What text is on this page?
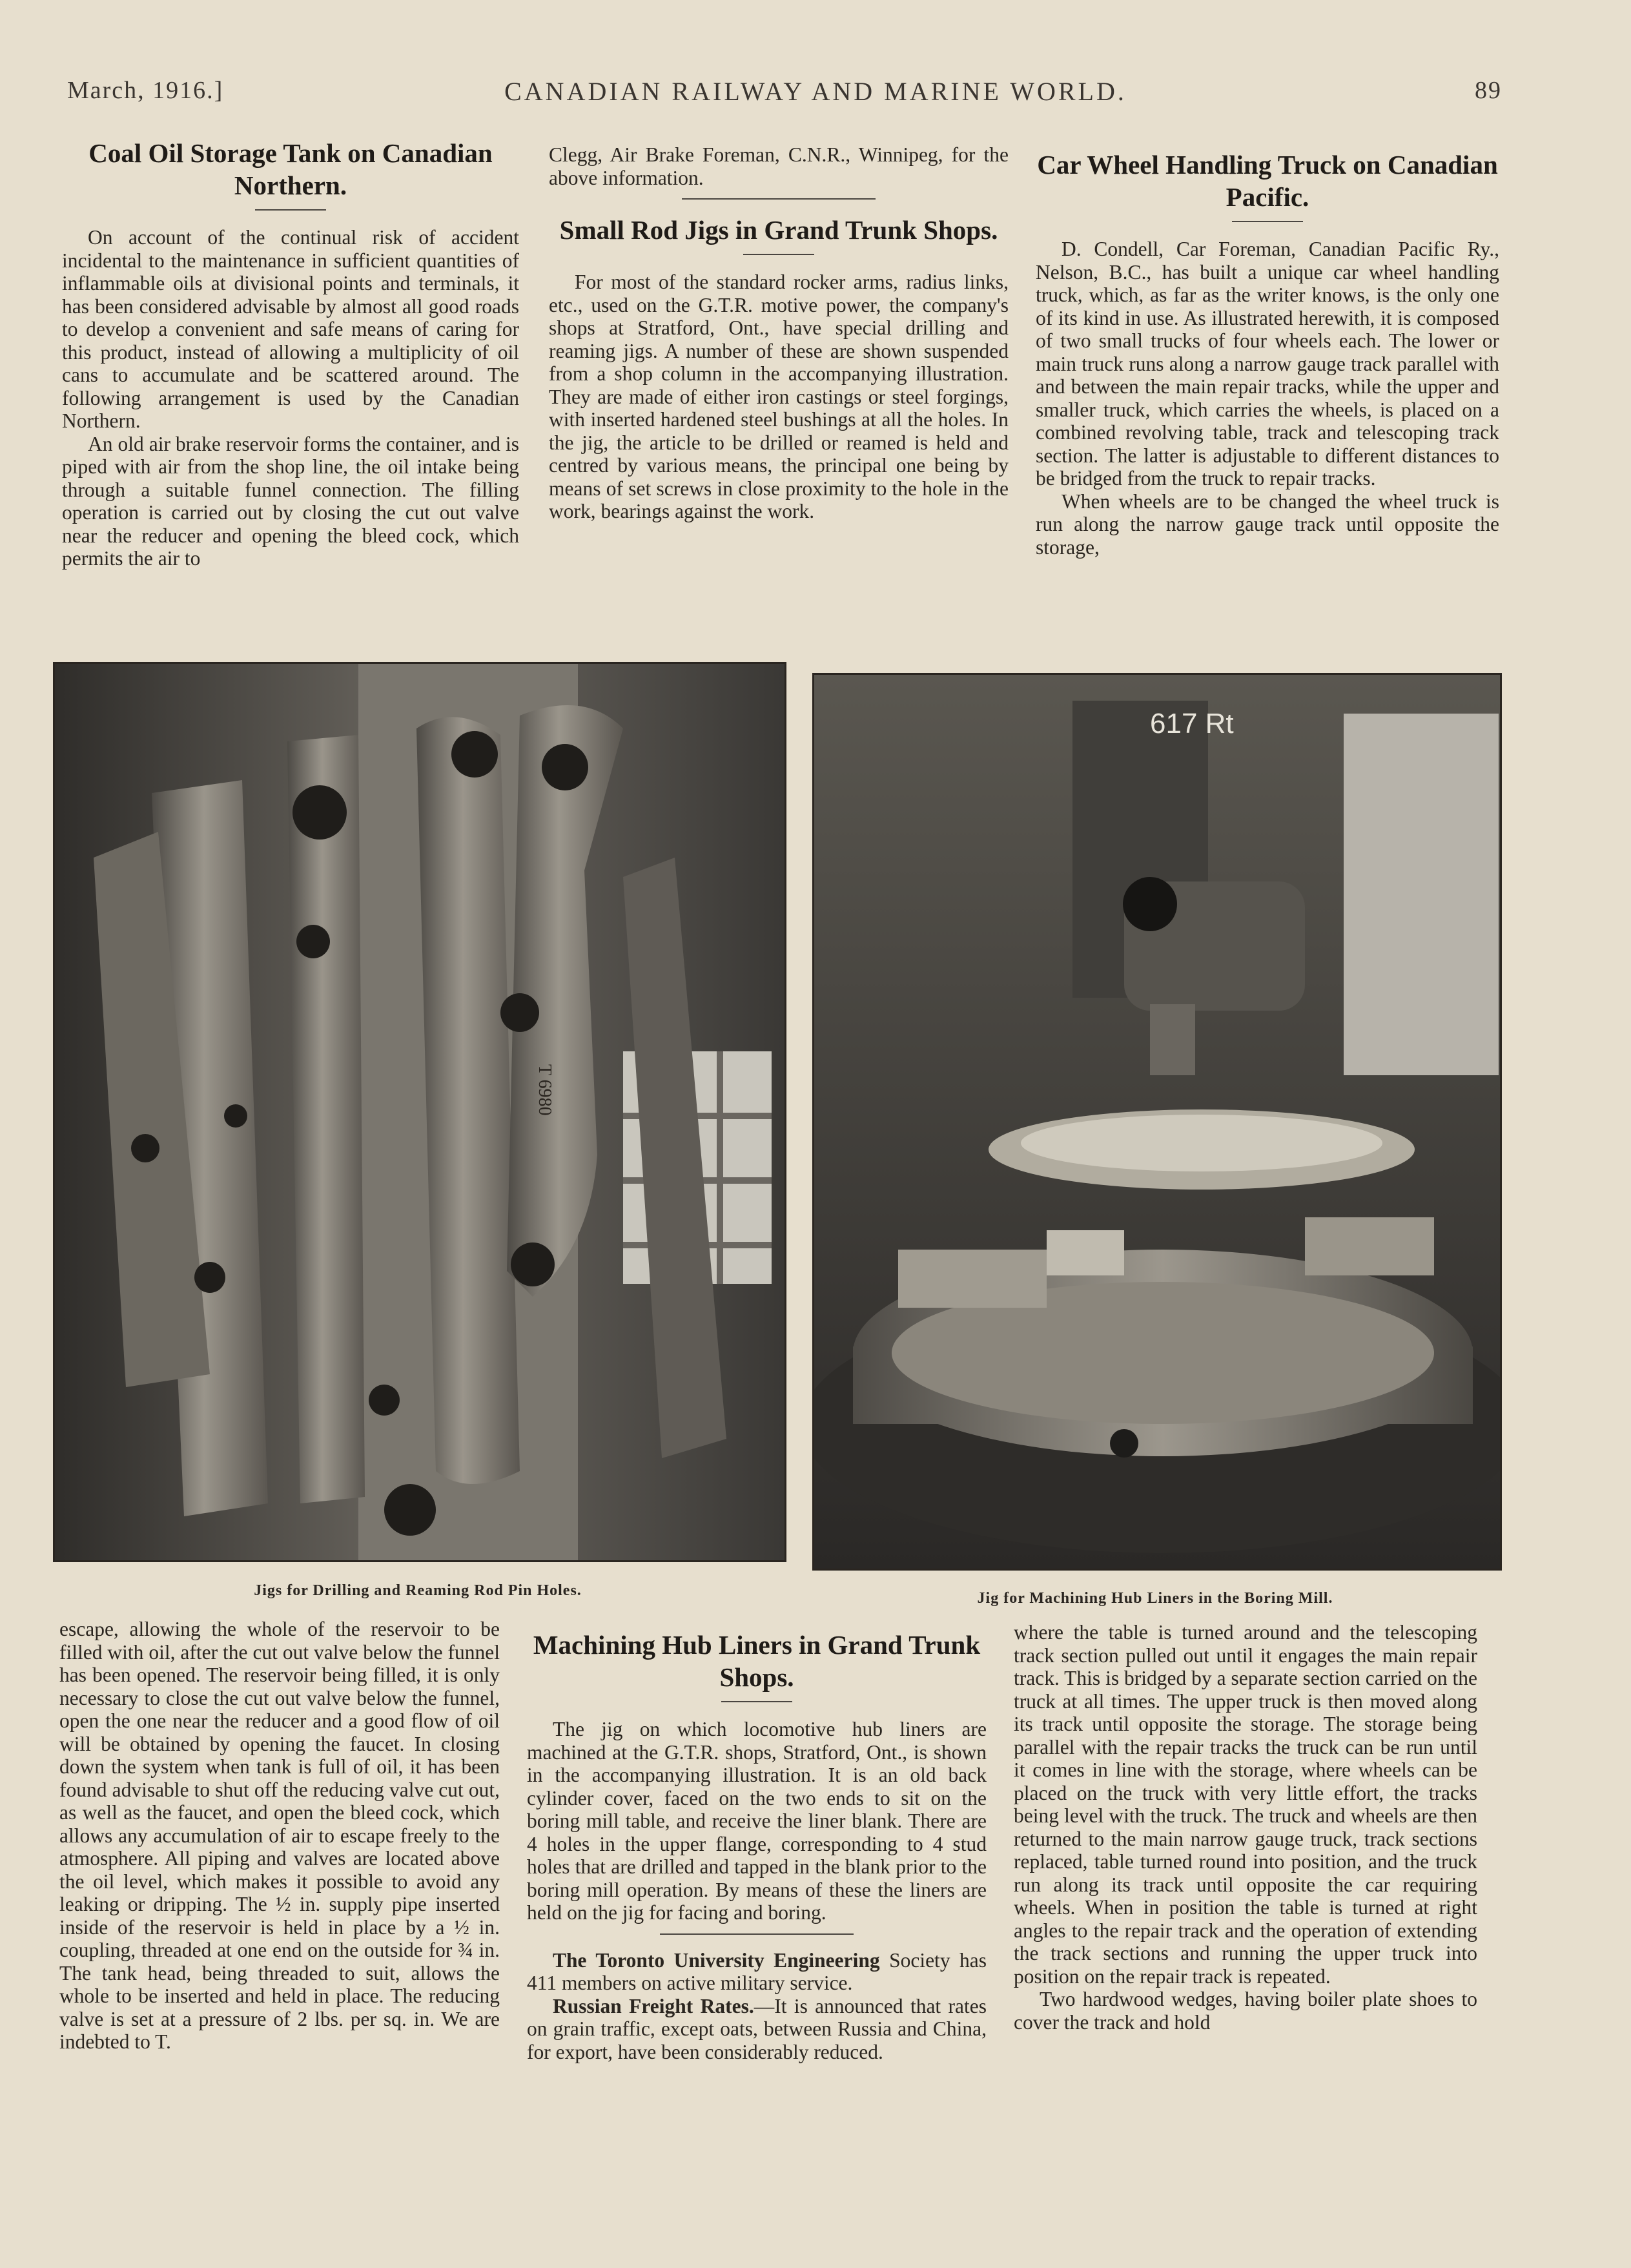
March, 1916.]	CANADIAN RAILWAY AND MARINE WORLD.	89
Coal Oil Storage Tank on Canadian Northern.

On account of the continual risk of accident incidental to the maintenance in sufficient quantities of inflammable oils at divisional points and terminals, it has been considered advisable by almost all good roads to develop a convenient and safe means of caring for this product, instead of allowing a multiplicity of oil cans to accumulate and be scattered around. The following arrangement is used by the Canadian Northern.

An old air brake reservoir forms the container, and is piped with air from the shop line, the oil intake being through a suitable funnel connection. The filling operation is carried out by closing the cut out valve near the reducer and opening the bleed cock, which permits the air to

Clegg, Air Brake Foreman, C.N.R., Winnipeg, for the above information.

Small Rod Jigs in Grand Trunk Shops.

For most of the standard rocker arms, radius links, etc., used on the G.T.R. motive power, the company's shops at Stratford, Ont., have special drilling and reaming jigs. A number of these are shown suspended from a shop column in the accompanying illustration. They are made of either iron castings or steel forgings, with inserted hardened steel bushings at all the holes. In the jig, the article to be drilled or reamed is held and centred by various means, the principal one being by means of set screws in close proximity to the hole in the work, bearings against the work.

Car Wheel Handling Truck on Canadian Pacific.

D. Condell, Car Foreman, Canadian Pacific Ry., Nelson, B.C., has built a unique car wheel handling truck, which, as far as the writer knows, is the only one of its kind in use. As illustrated herewith, it is composed of two small trucks of four wheels each. The lower or main truck runs along a narrow gauge track parallel with and between the main repair tracks, while the upper and smaller truck, which carries the wheels, is placed on a combined revolving table, track and telescoping track section. The latter is adjustable to different distances to be bridged from the truck to repair tracks.

When wheels are to be changed the wheel truck is run along the narrow gauge track until opposite the storage,

T 6980
617 Rt
Jigs for Drilling and Reaming Rod Pin Holes.	Jig for Machining Hub Liners in the Boring Mill.

escape, allowing the whole of the reservoir to be filled with oil, after the cut out valve below the funnel has been opened. The reservoir being filled, it is only necessary to close the cut out valve below the funnel, open the one near the reducer and a good flow of oil will be obtained by opening the faucet. In closing down the system when tank is full of oil, it has been found advisable to shut off the reducing valve cut out, as well as the faucet, and open the bleed cock, which allows any accumulation of air to escape freely to the atmosphere. All piping and valves are located above the oil level, which makes it possible to avoid any leaking or dripping. The ½ in. supply pipe inserted inside of the reservoir is held in place by a ½ in. coupling, threaded at one end on the outside for ¾ in. The tank head, being threaded to suit, allows the whole to be inserted and held in place. The reducing valve is set at a pressure of 2 lbs. per sq. in. We are indebted to T.

Machining Hub Liners in Grand Trunk Shops.

The jig on which locomotive hub liners are machined at the G.T.R. shops, Stratford, Ont., is shown in the accompanying illustration. It is an old back cylinder cover, faced on the two ends to sit on the boring mill table, and receive the liner blank. There are 4 holes in the upper flange, corresponding to 4 stud holes that are drilled and tapped in the blank prior to the boring mill operation. By means of these the liners are held on the jig for facing and boring.

The Toronto University Engineering Society has 411 members on active military service.

Russian Freight Rates.—It is announced that rates on grain traffic, except oats, between Russia and China, for export, have been considerably reduced.

where the table is turned around and the telescoping track section pulled out until it engages the main repair track. This is bridged by a separate section carried on the truck at all times. The upper truck is then moved along its track until opposite the storage. The storage being parallel with the repair tracks the truck can be run until it comes in line with the storage, where wheels can be placed on the truck with very little effort, the tracks being level with the truck. The truck and wheels are then returned to the main narrow gauge truck, track sections replaced, table turned round into position, and the truck run along its track until opposite the car requiring wheels. When in position the table is turned at right angles to the repair track and the operation of extending the track sections and running the upper truck into position on the repair track is repeated.

Two hardwood wedges, having boiler plate shoes to cover the track and hold
